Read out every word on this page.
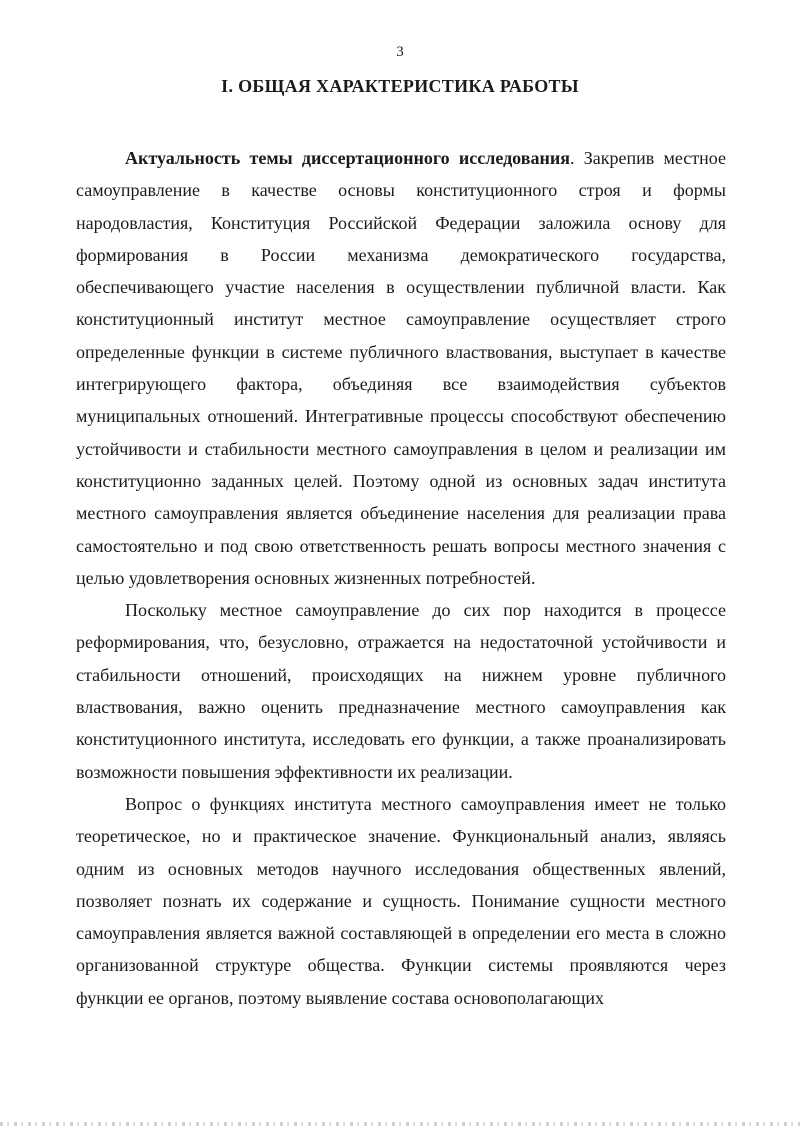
3
I. ОБЩАЯ ХАРАКТЕРИСТИКА РАБОТЫ

Актуальность темы диссертационного исследования. Закрепив местное самоуправление в качестве основы конституционного строя и формы народовластия, Конституция Российской Федерации заложила основу для формирования в России механизма демократического государства, обеспечивающего участие населения в осуществлении публичной власти. Как конституционный институт местное самоуправление осуществляет строго определенные функции в системе публичного властвования, выступает в качестве интегрирующего фактора, объединяя все взаимодействия субъектов муниципальных отношений. Интегративные процессы способствуют обеспечению устойчивости и стабильности местного самоуправления в целом и реализации им конституционно заданных целей. Поэтому одной из основных задач института местного самоуправления является объединение населения для реализации права самостоятельно и под свою ответственность решать вопросы местного значения с целью удовлетворения основных жизненных потребностей.

Поскольку местное самоуправление до сих пор находится в процессе реформирования, что, безусловно, отражается на недостаточной устойчивости и стабильности отношений, происходящих на нижнем уровне публичного властвования, важно оценить предназначение местного самоуправления как конституционного института, исследовать его функции, а также проанализировать возможности повышения эффективности их реализации.

Вопрос о функциях института местного самоуправления имеет не только теоретическое, но и практическое значение. Функциональный анализ, являясь одним из основных методов научного исследования общественных явлений, позволяет познать их содержание и сущность. Понимание сущности местного самоуправления является важной составляющей в определении его места в сложно организованной структуре общества. Функции системы проявляются через функции ее органов, поэтому выявление состава основополагающих
